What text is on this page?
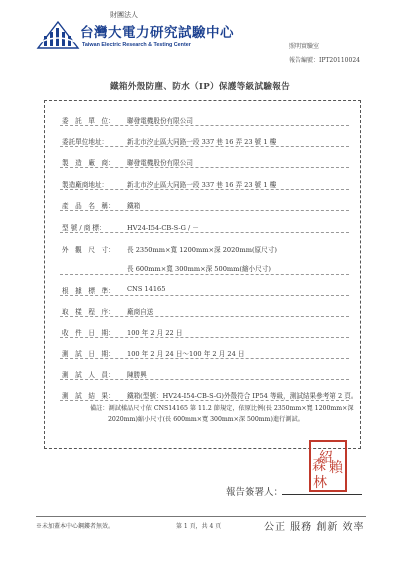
財團法人
台灣大電力研究試驗中心
Taiwan Electric Research & Testing Center	照明實驗室
報告編號：IPT20110024
鐵箱外殼防塵、防水（IP）保護等級試驗報告
委　託　單　位： 聯發電機股份有限公司
委託單位地址：	新北市汐止區大同路一段 337 巷 16 弄 23 號 1 樓
製　造　廠　商： 聯發電機股份有限公司
製造廠商地址：	新北市汐止區大同路一段 337 巷 16 弄 23 號 1 樓
產　品　名　稱： 鐵箱
型 號 / 商 標：	HV24-I54-CB-S-G / －
外　觀　尺　寸： 長 2350mm×寬 1200mm×深 2020mm(原尺寸)
長 600mm×寬 300mm×深 500mm(縮小尺寸)
根　據　標　準： CNS 14165
取　樣　程　序： 廠商自送
收　件　日　期： 100 年 2 月 22 日
測　試　日　期： 100 年 2 月 24 日～100 年 2 月 24 日
測　試　人　員： 陳勝興
測　試　結　果： 鐵箱(型號：HV24-I54-CB-S-G)外殼符合 IP54 等級，測試結果參考第 2 頁。
備註：測試樣品尺寸依 CNS14165 第 11.2 節規定，依原比例(長 2350mm×寬 1200mm×深
2020mm)縮小尺寸(長 600mm×寬 300mm×深 500mm)進行測試。
紹
森 賴
林
報告簽署人：
※未加蓋本中心鋼鏤者無效。	第 1 頁，共 4 頁	公正 服務 創新 效率
